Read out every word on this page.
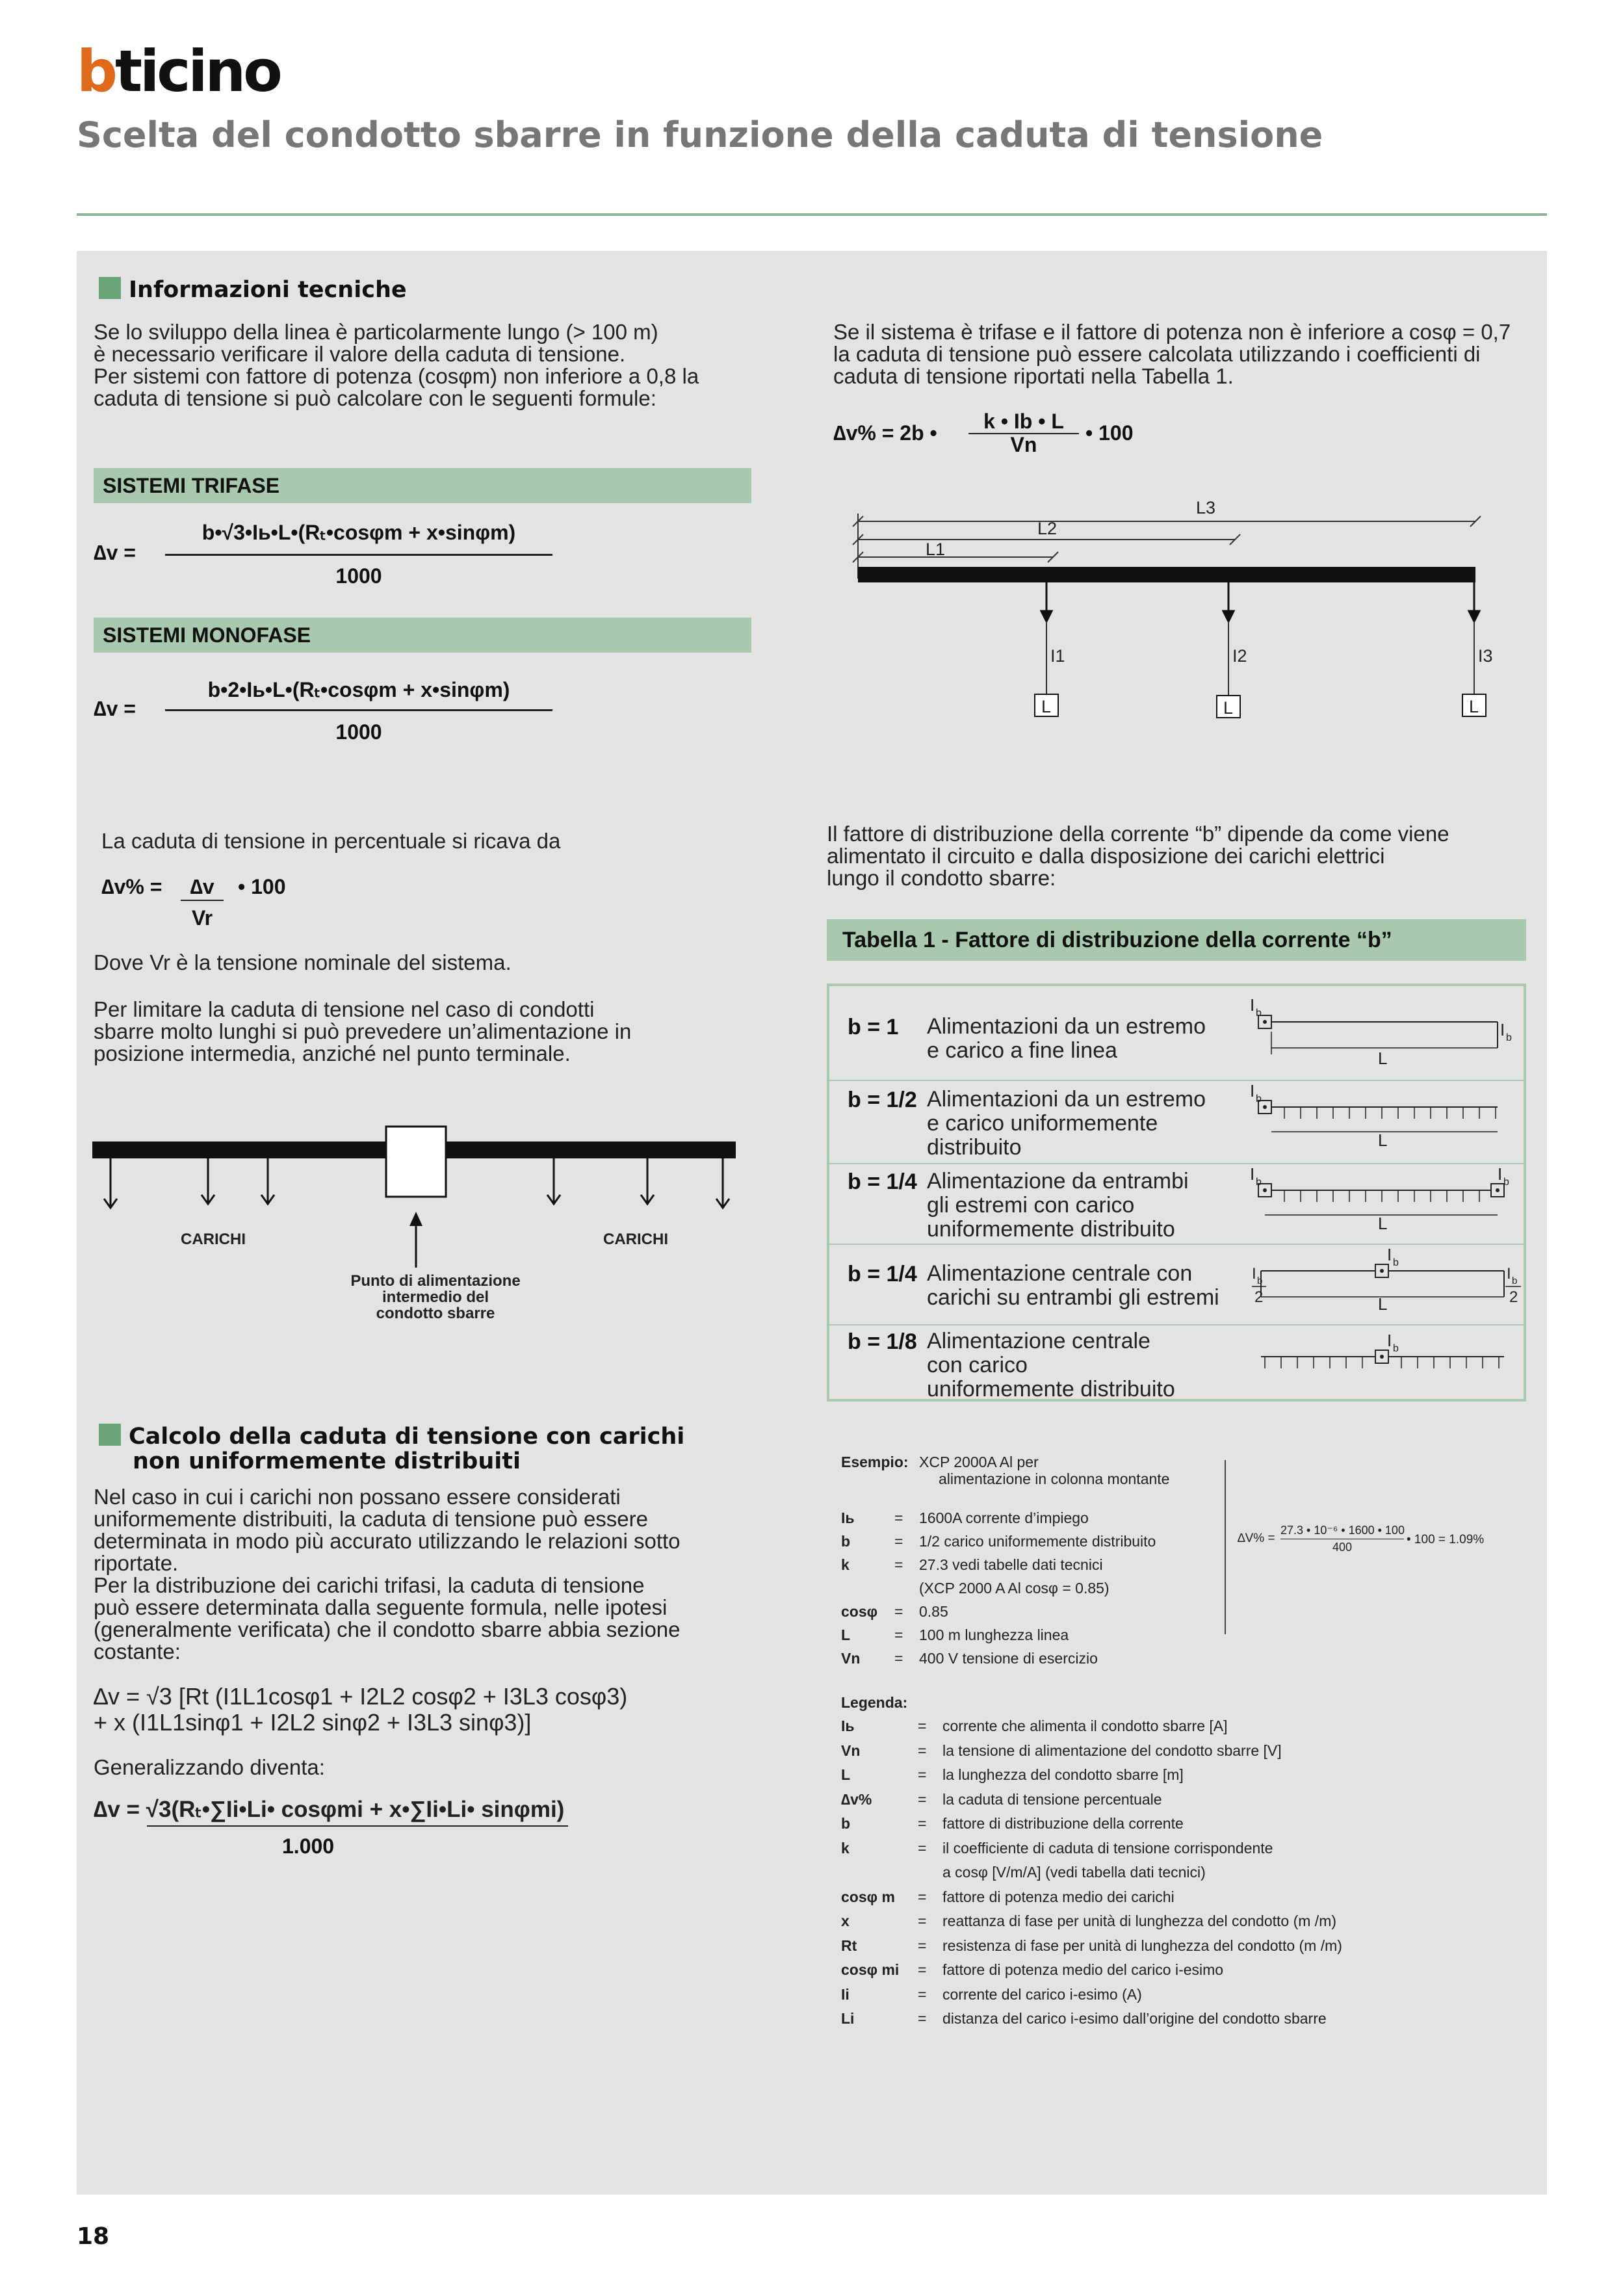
bticino
Scelta del condotto sbarre in funzione della caduta di tensione
Informazioni tecniche
Se lo sviluppo della linea è particolarmente lungo (> 100 m)
è necessario verificare il valore della caduta di tensione.
Per sistemi con fattore di potenza (cosφm) non inferiore a 0,8 la
caduta di tensione si può calcolare con le seguenti formule:
SISTEMI TRIFASE
∆v =
b•√3•Iь•L•(Rₜ•cosφm + x•sinφm)
1000
SISTEMI MONOFASE
∆v =
b•2•Iь•L•(Rₜ•cosφm + x•sinφm)
1000
La caduta di tensione in percentuale si ricava da
∆v% =	∆v
Vr
• 100
Dove Vr è la tensione nominale del sistema.
Per limitare la caduta di tensione nel caso di condotti
sbarre molto lunghi si può prevedere un’alimentazione in
posizione intermedia, anziché nel punto terminale.
CARICHI	CARICHI
Punto di alimentazione
intermedio del
condotto sbarre
Se il sistema è trifase e il fattore di potenza non è inferiore a cosφ = 0,7
la caduta di tensione può essere calcolata utilizzando i coefficienti di
caduta di tensione riportati nella Tabella 1.
∆v% = 2b •	k • Ib • L
Vn	• 100
L3
L2
L1
I1	I2	I3
L	L	L
Il fattore di distribuzione della corrente “b” dipende da come viene
alimentato il circuito e dalla disposizione dei carichi elettrici
lungo il condotto sbarre:
Tabella 1 - Fattore di distribuzione della corrente “b”
b = 1 Alimentazioni da un estremo
e carico a fine linea
I b
I b
L
b = 1/2 Alimentazioni da un estremo
e carico uniformemente
distribuito
I b
L
b = 1/4 Alimentazione da entrambi
gli estremi con carico
uniformemente distribuito
I b	I b
L
b = 1/4 Alimentazione centrale con
carichi su entrambi gli estremi
I b
I b
2
I b
2
L
b = 1/8 Alimentazione centrale
con carico
uniformemente distribuito
I b
Calcolo della caduta di tensione con carichi
non uniformemente distribuiti
Nel caso in cui i carichi non possano essere considerati
uniformemente distribuiti, la caduta di tensione può essere
determinata in modo più accurato utilizzando le relazioni sotto
riportate.
Per la distribuzione dei carichi trifasi, la caduta di tensione
può essere determinata dalla seguente formula, nelle ipotesi
(generalmente verificata) che il condotto sbarre abbia sezione
costante:
∆v = √3 [Rt (I1L1cosφ1 + I2L2 cosφ2 + I3L3 cosφ3)
+ x (I1L1sinφ1 + I2L2 sinφ2 + I3L3 sinφ3)]
Generalizzando diventa:
∆v = √3(Rₜ•∑Ii•Li• cosφmi + x•∑Ii•Li• sinφmi)
1.000
Esempio: XCP 2000A Al per
alimentazione in colonna montante
Iь	= 1600A corrente d’impiego
b	= 1/2 carico uniformemente distribuito
k	= 27.3 vedi tabelle dati tecnici
(XCP 2000 A Al cosφ = 0.85)
cosφ = 0.85
L	= 100 m lunghezza linea
Vn = 400 V tensione di esercizio
∆V% =
27.3 • 10⁻⁶ • 1600 • 100
400
• 100 = 1.09%
Legenda:
Iь	= corrente che alimenta il condotto sbarre [A]
Vn	= la tensione di alimentazione del condotto sbarre [V]
L	= la lunghezza del condotto sbarre [m]
∆v%	= la caduta di tensione percentuale
b	= fattore di distribuzione della corrente
k	= il coefficiente di caduta di tensione corrispondente
a cosφ [V/m/A] (vedi tabella dati tecnici)
cosφ m = fattore di potenza medio dei carichi
x	= reattanza di fase per unità di lunghezza del condotto (m /m)
Rt	= resistenza di fase per unità di lunghezza del condotto (m /m)
cosφ mi = fattore di potenza medio del carico i-esimo
Ii	= corrente del carico i-esimo (A)
Li	= distanza del carico i-esimo dall’origine del condotto sbarre
18
